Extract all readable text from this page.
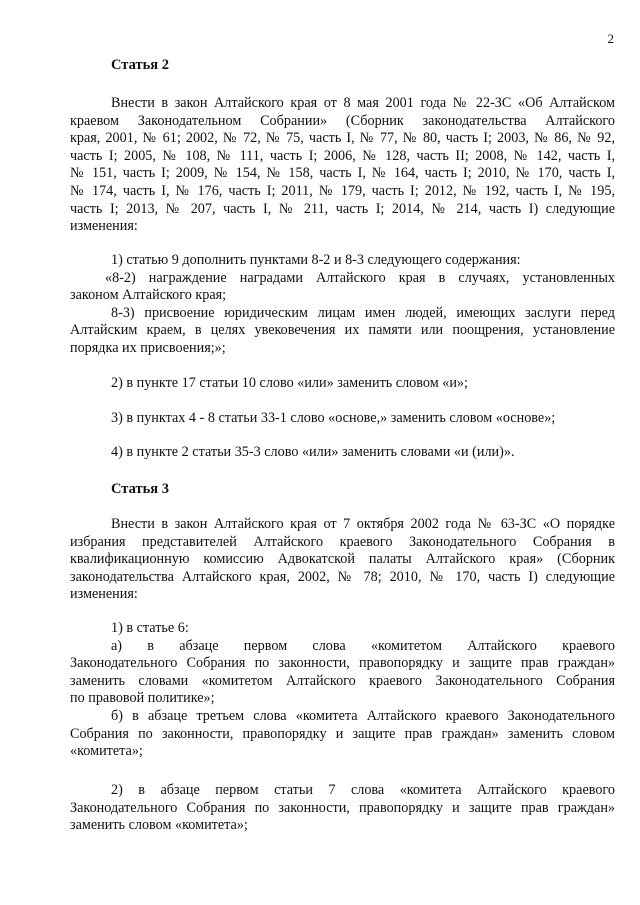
2
Статья 2
Внести в закон Алтайского края от 8 мая 2001 года № 22-ЗС «Об Алтайском
краевом Законодательном Собрании» (Сборник законодательства Алтайского
края, 2001, № 61; 2002, № 72, № 75, часть I, № 77, № 80, часть I; 2003, № 86, № 92,
часть I; 2005, № 108, № 111, часть I; 2006, № 128, часть II; 2008, № 142, часть I,
№ 151, часть I; 2009, № 154, № 158, часть I, № 164, часть I; 2010, № 170, часть I,
№ 174, часть I, № 176, часть I; 2011, № 179, часть I; 2012, № 192, часть I, № 195,
часть I; 2013, № 207, часть I, № 211, часть I; 2014, № 214, часть I) следующие
изменения:
1) статью 9 дополнить пунктами 8-2 и 8-3 следующего содержания:
«8-2) награждение наградами Алтайского края в случаях, установленных
законом Алтайского края;
8-3) присвоение юридическим лицам имен людей, имеющих заслуги перед
Алтайским краем, в целях увековечения их памяти или поощрения, установление
порядка их присвоения;»;
2) в пункте 17 статьи 10 слово «или» заменить словом «и»;
3) в пунктах 4 - 8 статьи 33-1 слово «основе,» заменить словом «основе»;
4) в пункте 2 статьи 35-3 слово «или» заменить словами «и (или)».
Статья 3
Внести в закон Алтайского края от 7 октября 2002 года № 63-ЗС «О порядке
избрания представителей Алтайского краевого Законодательного Собрания в
квалификационную комиссию Адвокатской палаты Алтайского края» (Сборник
законодательства Алтайского края, 2002, № 78; 2010, № 170, часть I) следующие
изменения:
1) в статье 6:
а) в абзаце первом слова «комитетом Алтайского краевого
Законодательного Собрания по законности, правопорядку и защите прав граждан»
заменить словами «комитетом Алтайского краевого Законодательного Собрания
по правовой политике»;
б) в абзаце третьем слова «комитета Алтайского краевого Законодательного
Собрания по законности, правопорядку и защите прав граждан» заменить словом
«комитета»;
2) в абзаце первом статьи 7 слова «комитета Алтайского краевого
Законодательного Собрания по законности, правопорядку и защите прав граждан»
заменить словом «комитета»;
